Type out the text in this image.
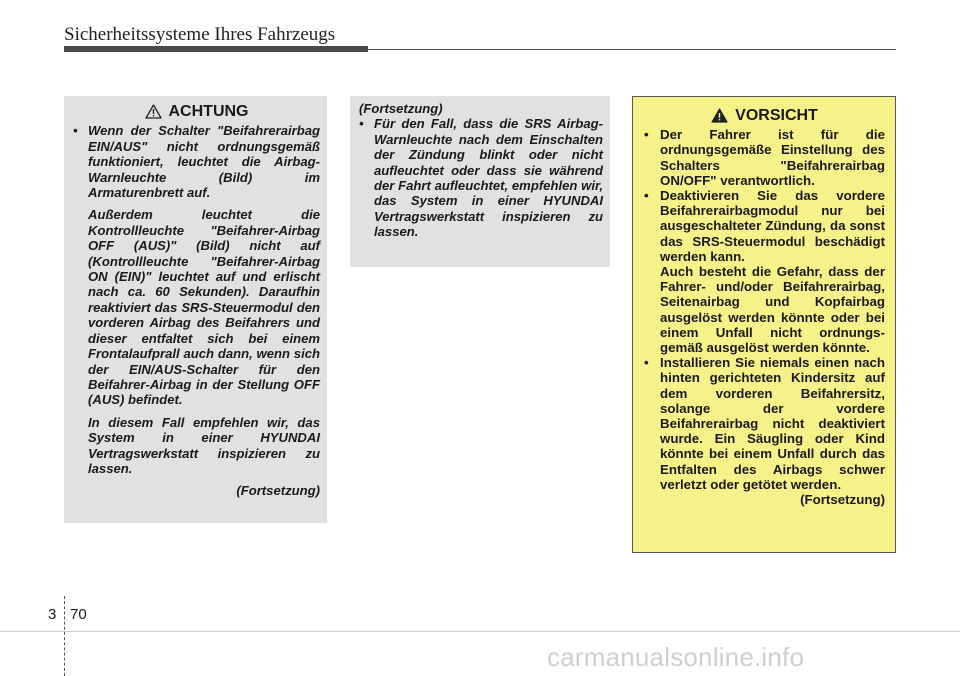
Sicherheitssysteme Ihres Fahrzeugs
ACHTUNG

• Wenn der Schalter "Beifahrerairbag EIN/AUS" nicht ordnungsgemäß funktioniert, leuchtet die Airbag-Warnleuchte (Bild) im Armaturenbrett auf.

Außerdem leuchtet die Kontrollleuchte "Beifahrer-Airbag OFF (AUS)" (Bild) nicht auf (Kontrollleuchte "Beifahrer-Airbag ON (EIN)" leuchtet auf und erlischt nach ca. 60 Sekunden). Daraufhin reaktiviert das SRS-Steuermodul den vorderen Airbag des Beifahrers und dieser entfaltet sich bei einem Frontalaufprall auch dann, wenn sich der EIN/AUS-Schalter für den Beifahrer-Airbag in der Stellung OFF (AUS) befindet.

In diesem Fall empfehlen wir, das System in einer HYUNDAI Vertragswerkstatt inspizieren zu lassen.

(Fortsetzung)

(Fortsetzung)

• Für den Fall, dass die SRS Airbag-Warnleuchte nach dem Einschalten der Zündung blinkt oder nicht aufleuchtet oder dass sie während der Fahrt aufleuchtet, empfehlen wir, das System in einer HYUNDAI Vertragswerkstatt inspizieren zu lassen.

VORSICHT

• Der Fahrer ist für die ordnungsgemäße Einstellung des Schalters "Beifahrerairbag ON/OFF" verantwortlich.

• Deaktivieren Sie das vordere Beifahrerairbagmodul nur bei ausgeschalteter Zündung, da sonst das SRS-Steuermodul beschädigt werden kann.

Auch besteht die Gefahr, dass der Fahrer- und/oder Beifahrerairbag, Seitenairbag und Kopfairbag ausgelöst werden könnte oder bei einem Unfall nicht ordnungs-gemäß ausgelöst werden könnte.

• Installieren Sie niemals einen nach hinten gerichteten Kindersitz auf dem vorderen Beifahrersitz, solange der vordere Beifahrerairbag nicht deaktiviert wurde. Ein Säugling oder Kind könnte bei einem Unfall durch das Entfalten des Airbags schwer verletzt oder getötet werden.

(Fortsetzung)

3 70
carmanualsonline.info
